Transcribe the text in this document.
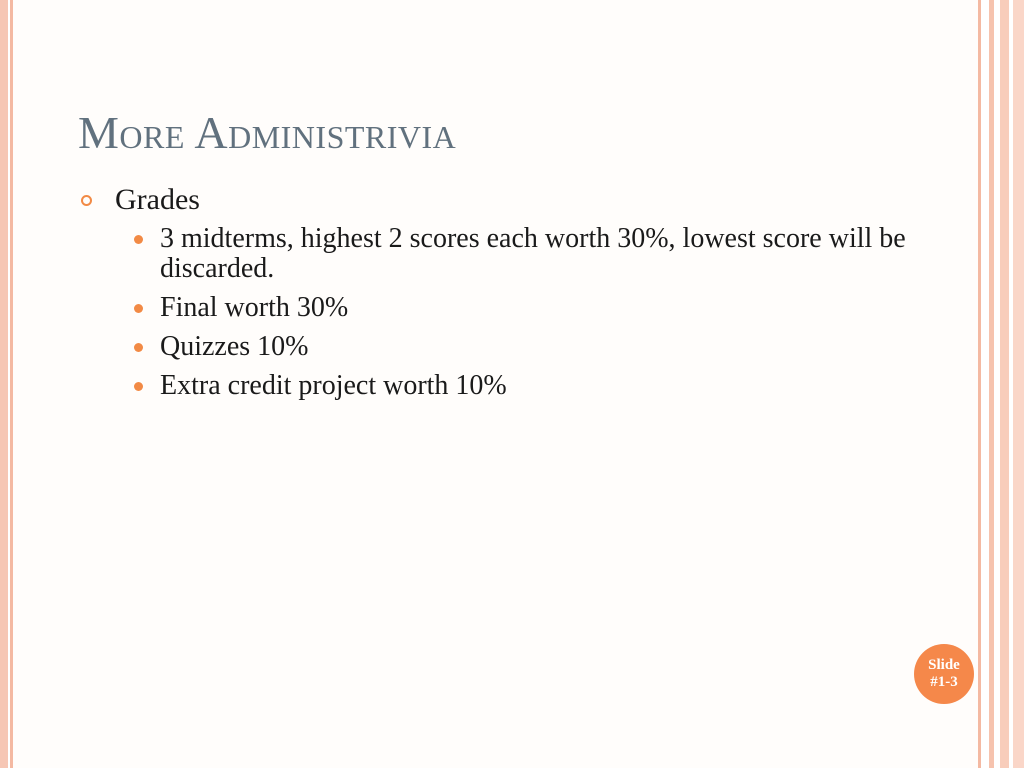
More Administrivia
Grades
3 midterms, highest 2 scores each worth 30%, lowest score will be discarded.
Final worth 30%
Quizzes 10%
Extra credit project worth 10%
Slide
#1-3
